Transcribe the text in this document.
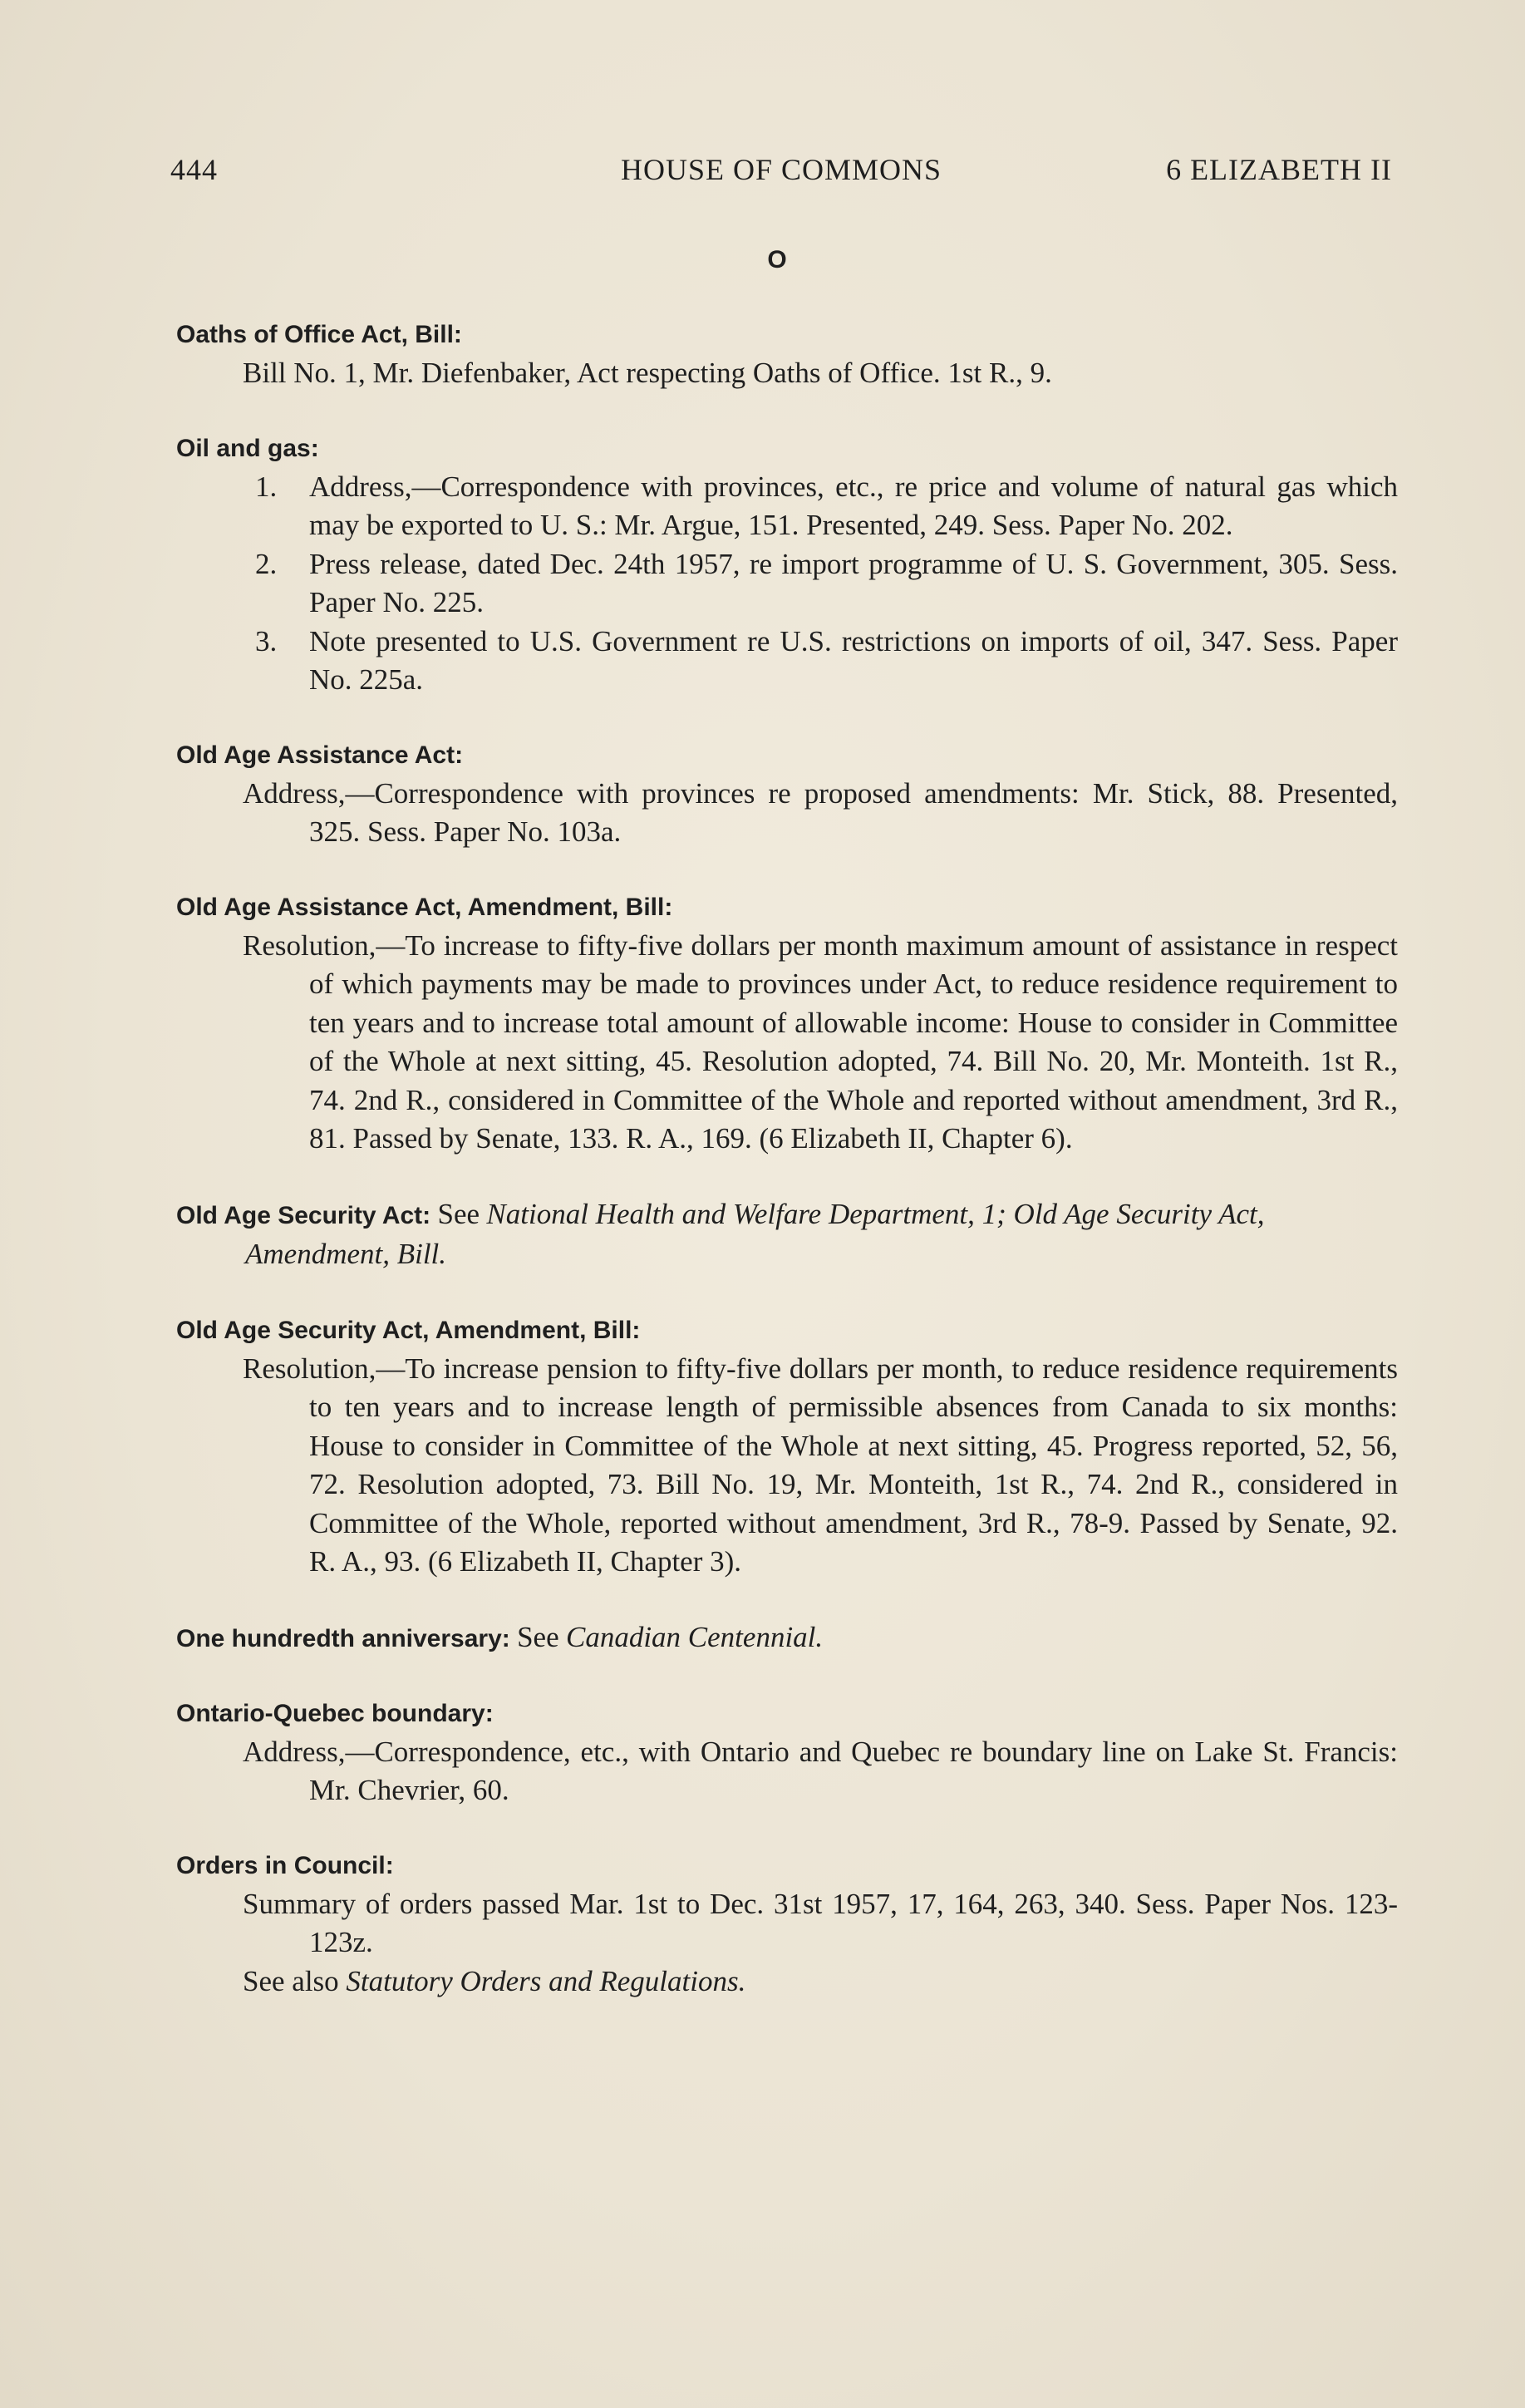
444	HOUSE OF COMMONS	6 ELIZABETH II
O
Oaths of Office Act, Bill:
Bill No. 1, Mr. Diefenbaker, Act respecting Oaths of Office. 1st R., 9.
Oil and gas:
1. Address,—Correspondence with provinces, etc., re price and volume of natural gas which may be exported to U. S.: Mr. Argue, 151. Presented, 249. Sess. Paper No. 202.
2. Press release, dated Dec. 24th 1957, re import programme of U. S. Government, 305. Sess. Paper No. 225.
3. Note presented to U.S. Government re U.S. restrictions on imports of oil, 347. Sess. Paper No. 225a.
Old Age Assistance Act:
Address,—Correspondence with provinces re proposed amendments: Mr. Stick, 88. Presented, 325. Sess. Paper No. 103a.
Old Age Assistance Act, Amendment, Bill:
Resolution,—To increase to fifty-five dollars per month maximum amount of assistance in respect of which payments may be made to provinces under Act, to reduce residence requirement to ten years and to increase total amount of allowable income: House to consider in Committee of the Whole at next sitting, 45. Resolution adopted, 74. Bill No. 20, Mr. Monteith. 1st R., 74. 2nd R., considered in Committee of the Whole and reported without amendment, 3rd R., 81. Passed by Senate, 133. R. A., 169. (6 Elizabeth II, Chapter 6).
Old Age Security Act: See National Health and Welfare Department, 1; Old Age Security Act, Amendment, Bill.
Old Age Security Act, Amendment, Bill:
Resolution,—To increase pension to fifty-five dollars per month, to reduce residence requirements to ten years and to increase length of permissible absences from Canada to six months: House to consider in Committee of the Whole at next sitting, 45. Progress reported, 52, 56, 72. Resolution adopted, 73. Bill No. 19, Mr. Monteith, 1st R., 74. 2nd R., considered in Committee of the Whole, reported without amendment, 3rd R., 78-9. Passed by Senate, 92. R. A., 93. (6 Elizabeth II, Chapter 3).
One hundredth anniversary: See Canadian Centennial.
Ontario-Quebec boundary:
Address,—Correspondence, etc., with Ontario and Quebec re boundary line on Lake St. Francis: Mr. Chevrier, 60.
Orders in Council:
Summary of orders passed Mar. 1st to Dec. 31st 1957, 17, 164, 263, 340. Sess. Paper Nos. 123-123z.
See also Statutory Orders and Regulations.
